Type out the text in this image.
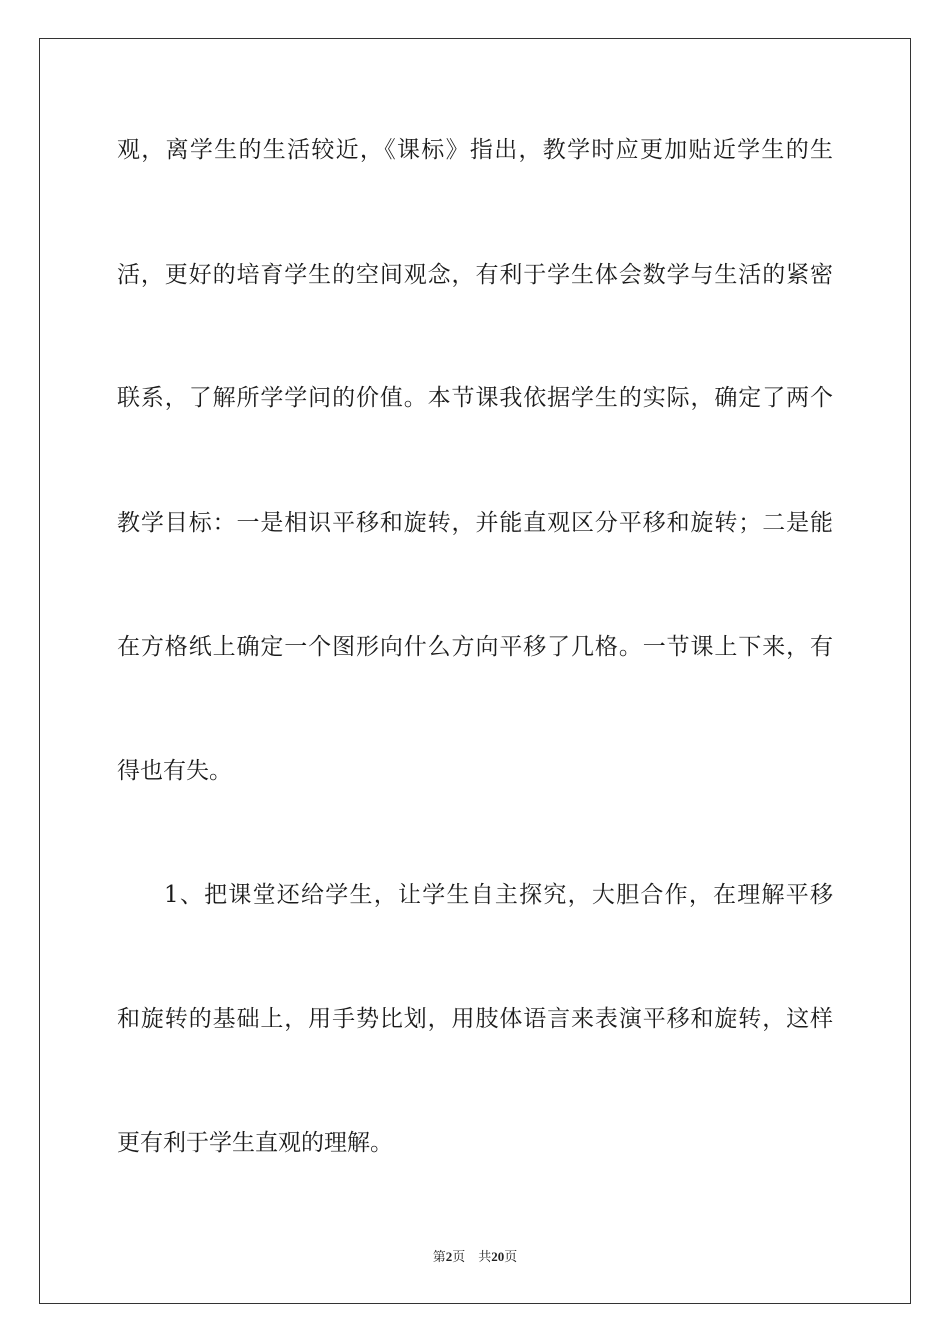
观，离学生的生活较近，《课标》指出，教学时应更加贴近学生的生
活，更好的培育学生的空间观念，有利于学生体会数学与生活的紧密
联系，了解所学学问的价值。本节课我依据学生的实际，确定了两个
教学目标：一是相识平移和旋转，并能直观区分平移和旋转；二是能
在方格纸上确定一个图形向什么方向平移了几格。一节课上下来，有
得也有失。
1、把课堂还给学生，让学生自主探究，大胆合作，在理解平移
和旋转的基础上，用手势比划，用肢体语言来表演平移和旋转，这样
更有利于学生直观的理解。
第2页　共20页
